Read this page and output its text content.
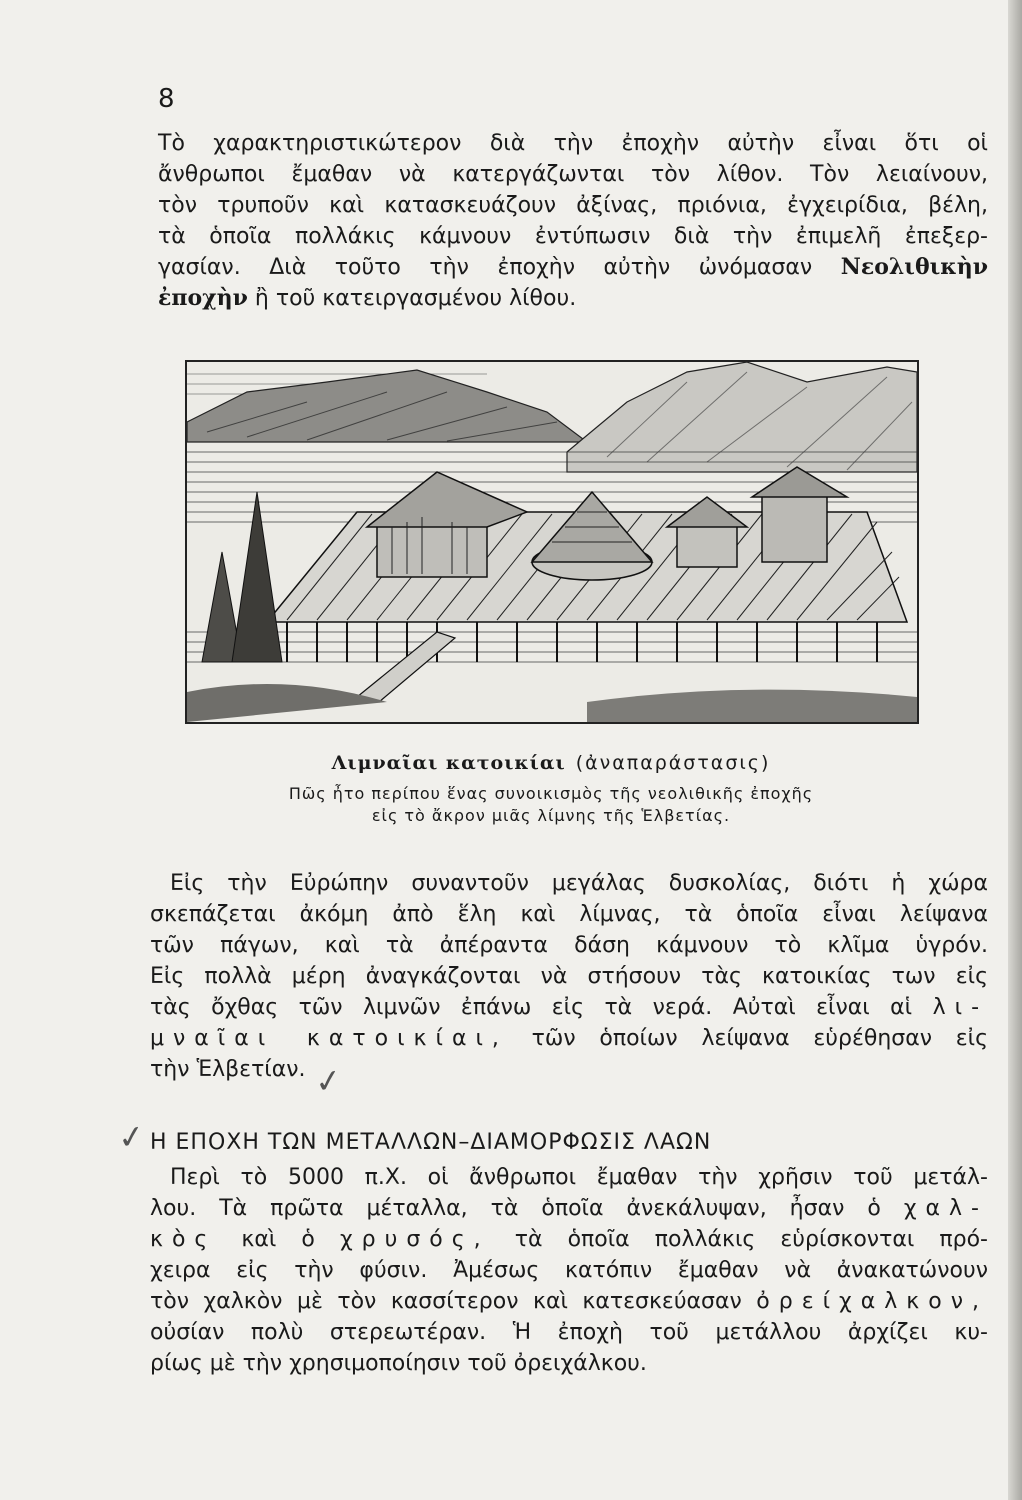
8
Τὸ χαρακτηριστικώτερον διὰ τὴν ἐποχὴν αὐτὴν εἶναι ὅτι οἱ
ἄνθρωποι ἔμαθαν νὰ κατεργάζωνται τὸν λίθον. Τὸν λειαίνουν,
τὸν τρυποῦν καὶ κατασκευάζουν ἀξίνας, πριόνια, ἐγχειρίδια, βέλη,
τὰ ὁποῖα πολλάκις κάμνουν ἐντύπωσιν διὰ τὴν ἐπιμελῆ ἐπεξερ-
γασίαν. Διὰ τοῦτο τὴν ἐποχὴν αὐτὴν ὠνόμασαν Νεολιθικὴν
ἐποχὴν ἢ τοῦ κατειργασμένου λίθου.
Λιμναῖαι κατοικίαι (ἀναπαράστασις)
Πῶς ἦτο περίπου ἕνας συνοικισμὸς τῆς νεολιθικῆς ἐποχῆς
εἰς τὸ ἄκρον μιᾶς λίμνης τῆς Ἑλβετίας.
Εἰς τὴν Εὐρώπην συναντοῦν μεγάλας δυσκολίας, διότι ἡ χώρα
σκεπάζεται ἀκόμη ἀπὸ ἕλη καὶ λίμνας, τὰ ὁποῖα εἶναι λείψανα
τῶν πάγων, καὶ τὰ ἀπέραντα δάση κάμνουν τὸ κλῖμα ὑγρόν.
Εἰς πολλὰ μέρη ἀναγκάζονται νὰ στήσουν τὰς κατοικίας των εἰς
τὰς ὄχθας τῶν λιμνῶν ἐπάνω εἰς τὰ νερά. Αὐταὶ εἶναι αἱ λι-
μναῖαι κατοικίαι, τῶν ὁποίων λείψανα εὑρέθησαν εἰς
τὴν Ἑλβετίαν. ✓
✓ Η ΕΠΟΧΗ ΤΩΝ ΜΕΤΑΛΛΩΝ–ΔΙΑΜΟΡΦΩΣΙΣ ΛΑΩΝ
Περὶ τὸ 5000 π.Χ. οἱ ἄνθρωποι ἔμαθαν τὴν χρῆσιν τοῦ μετάλ-
λου. Τὰ πρῶτα μέταλλα, τὰ ὁποῖα ἀνεκάλυψαν, ἦσαν ὁ χαλ-
κὸς καὶ ὁ χρυσός, τὰ ὁποῖα πολλάκις εὑρίσκονται πρό-
χειρα εἰς τὴν φύσιν. Ἀμέσως κατόπιν ἔμαθαν νὰ ἀνακατώνουν
τὸν χαλκὸν μὲ τὸν κασσίτερον καὶ κατεσκεύασαν ὀρείχαλκον,
οὐσίαν πολὺ στερεωτέραν. Ἡ ἐποχὴ τοῦ μετάλλου ἀρχίζει κυ-
ρίως μὲ τὴν χρησιμοποίησιν τοῦ ὀρειχάλκου.
